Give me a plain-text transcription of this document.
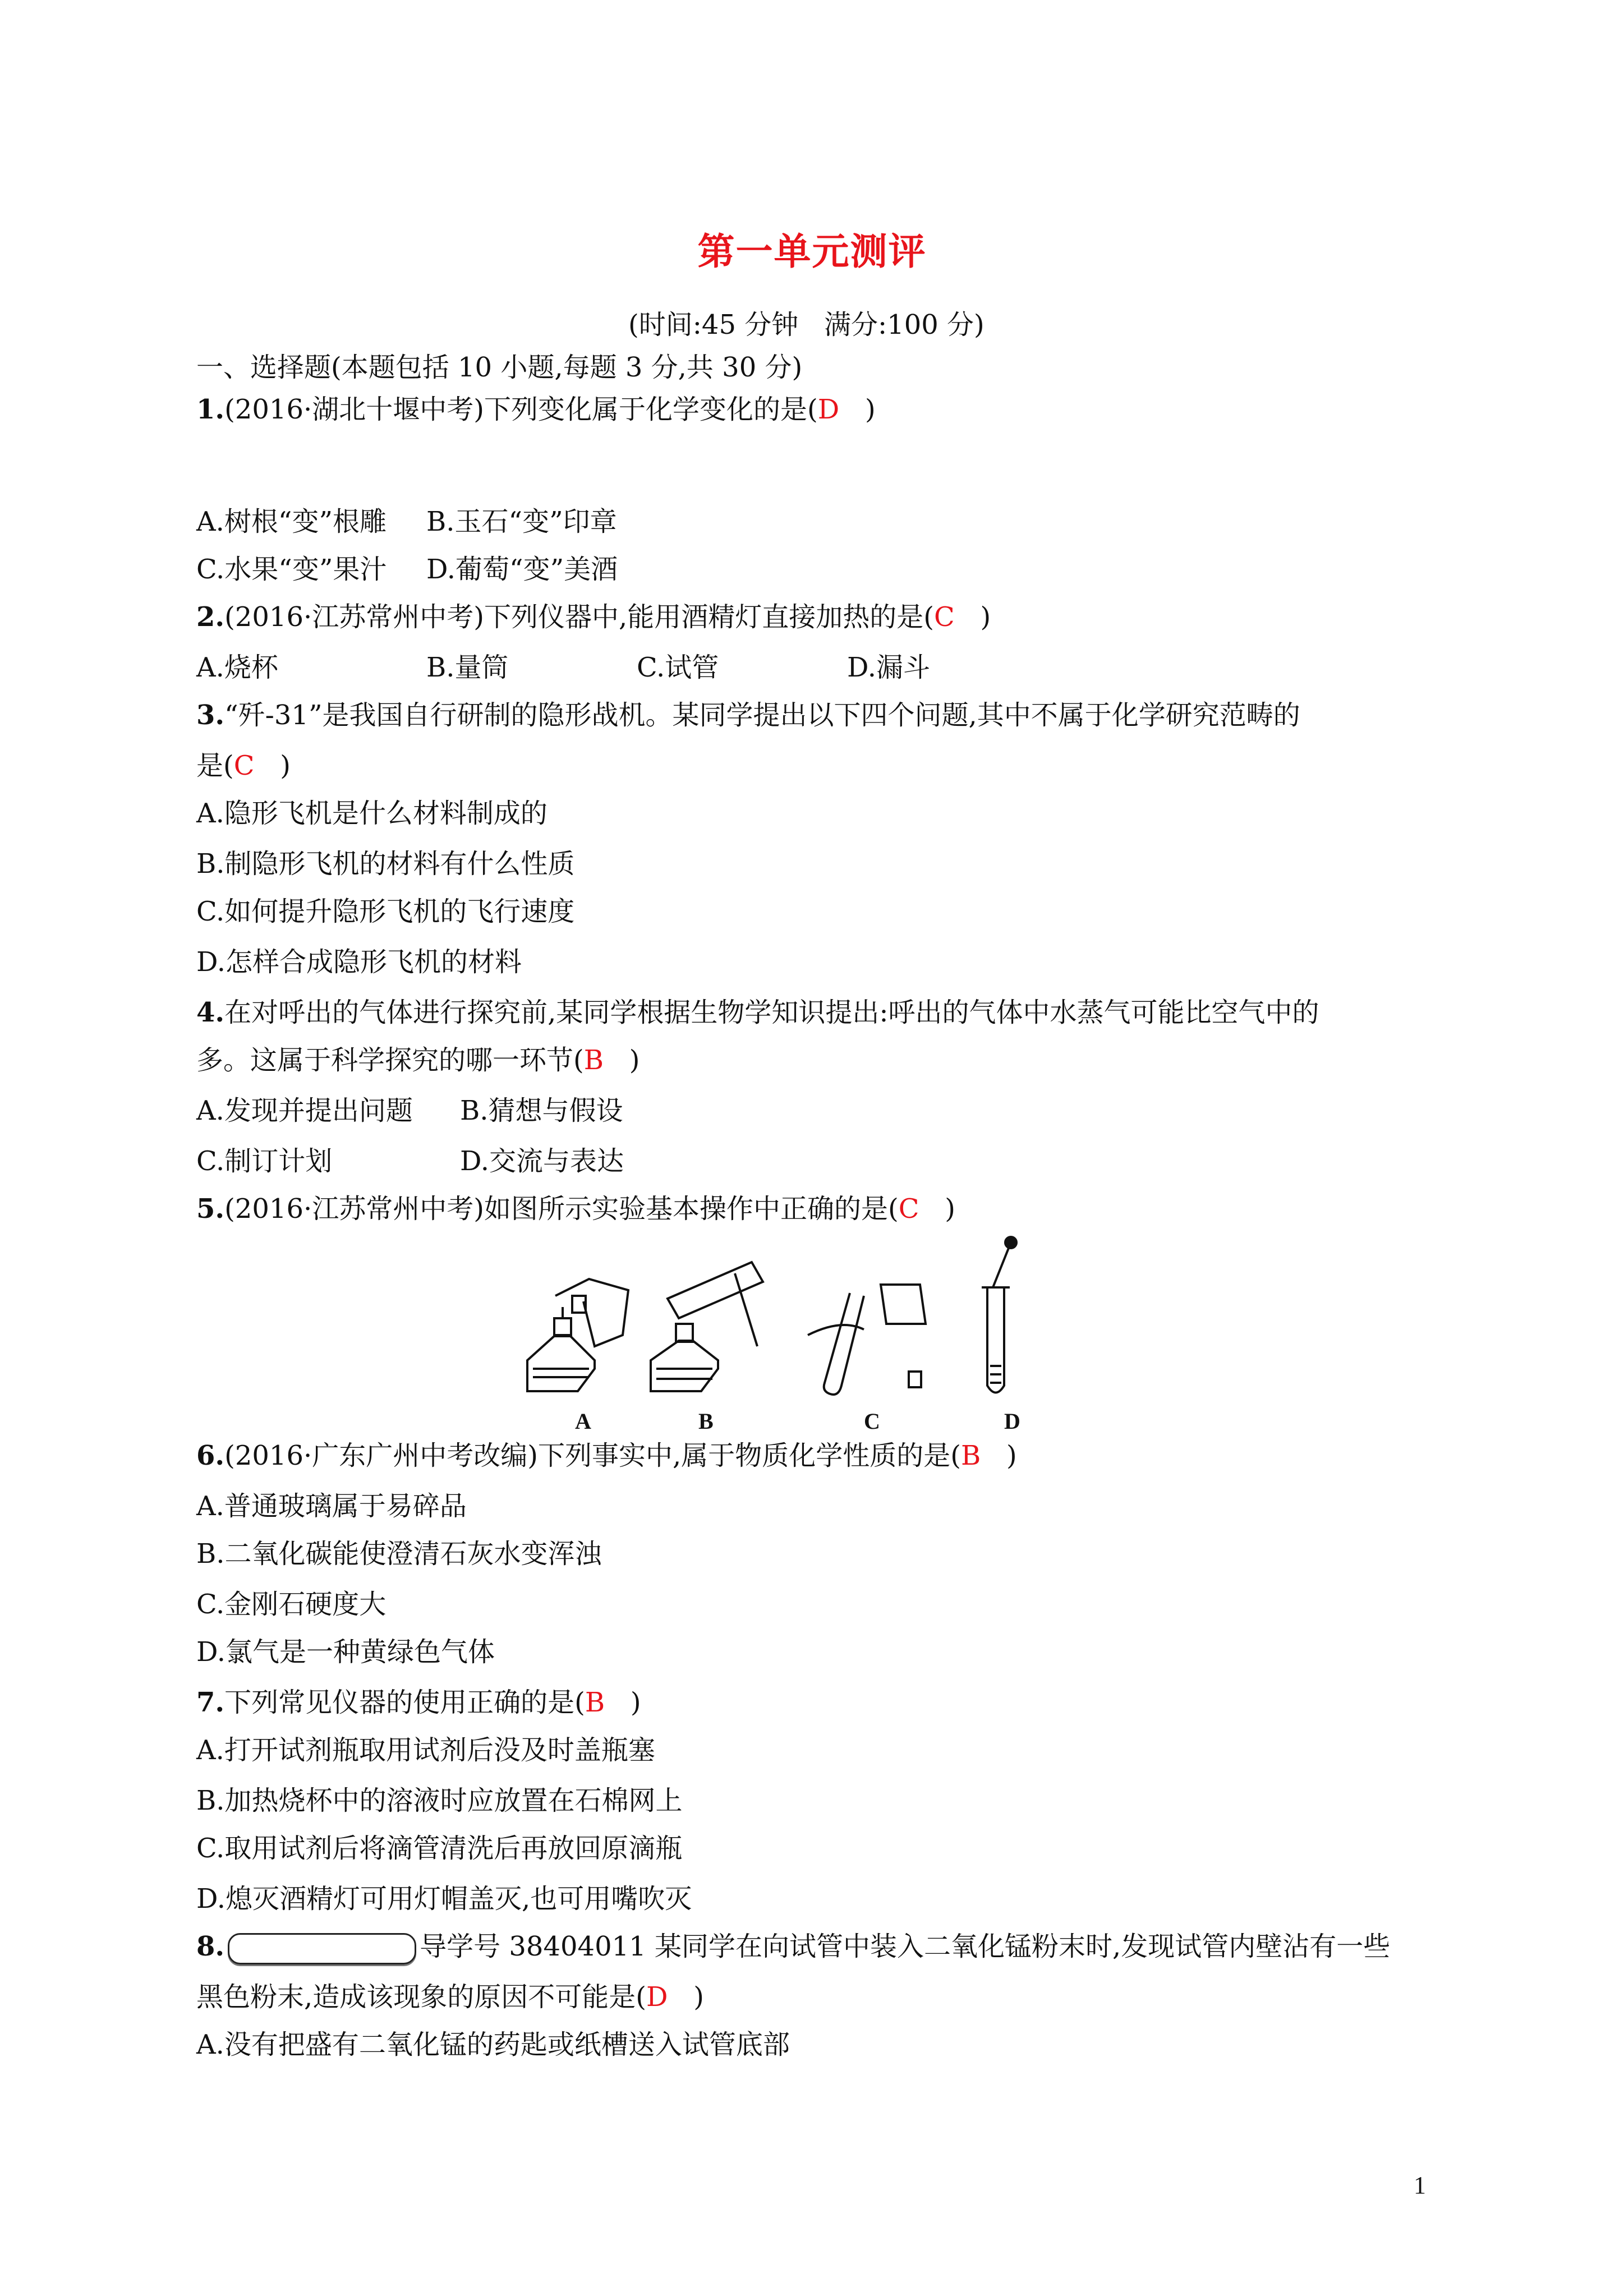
第一单元测评
(时间:45 分钟   满分:100 分)
一、选择题(本题包括 10 小题,每题 3 分,共 30 分)
1.(2016·湖北十堰中考)下列变化属于化学变化的是(D   )
A.树根“变”根雕 B.玉石“变”印章
C.水果“变”果汁 D.葡萄“变”美酒
2.(2016·江苏常州中考)下列仪器中,能用酒精灯直接加热的是(C   )
A.烧杯	B.量筒	C.试管	D.漏斗
3.“歼-31”是我国自行研制的隐形战机。某同学提出以下四个问题,其中不属于化学研究范畴的
是(C   )
A.隐形飞机是什么材料制成的
B.制隐形飞机的材料有什么性质
C.如何提升隐形飞机的飞行速度
D.怎样合成隐形飞机的材料
4.在对呼出的气体进行探究前,某同学根据生物学知识提出:呼出的气体中水蒸气可能比空气中的
多。这属于科学探究的哪一环节(B   )
A.发现并提出问题 B.猜想与假设
C.制订计划	D.交流与表达
5.(2016·江苏常州中考)如图所示实验基本操作中正确的是(C   )
A	B	C	D
6.(2016·广东广州中考改编)下列事实中,属于物质化学性质的是(B   )
A.普通玻璃属于易碎品
B.二氧化碳能使澄清石灰水变浑浊
C.金刚石硬度大
D.氯气是一种黄绿色气体
7.下列常见仪器的使用正确的是(B   )
A.打开试剂瓶取用试剂后没及时盖瓶塞
B.加热烧杯中的溶液时应放置在石棉网上
C.取用试剂后将滴管清洗后再放回原滴瓶
D.熄灭酒精灯可用灯帽盖灭,也可用嘴吹灭
8.	导学号 38404011 某同学在向试管中装入二氧化锰粉末时,发现试管内壁沾有一些
黑色粉末,造成该现象的原因不可能是(D   )
A.没有把盛有二氧化锰的药匙或纸槽送入试管底部
1
